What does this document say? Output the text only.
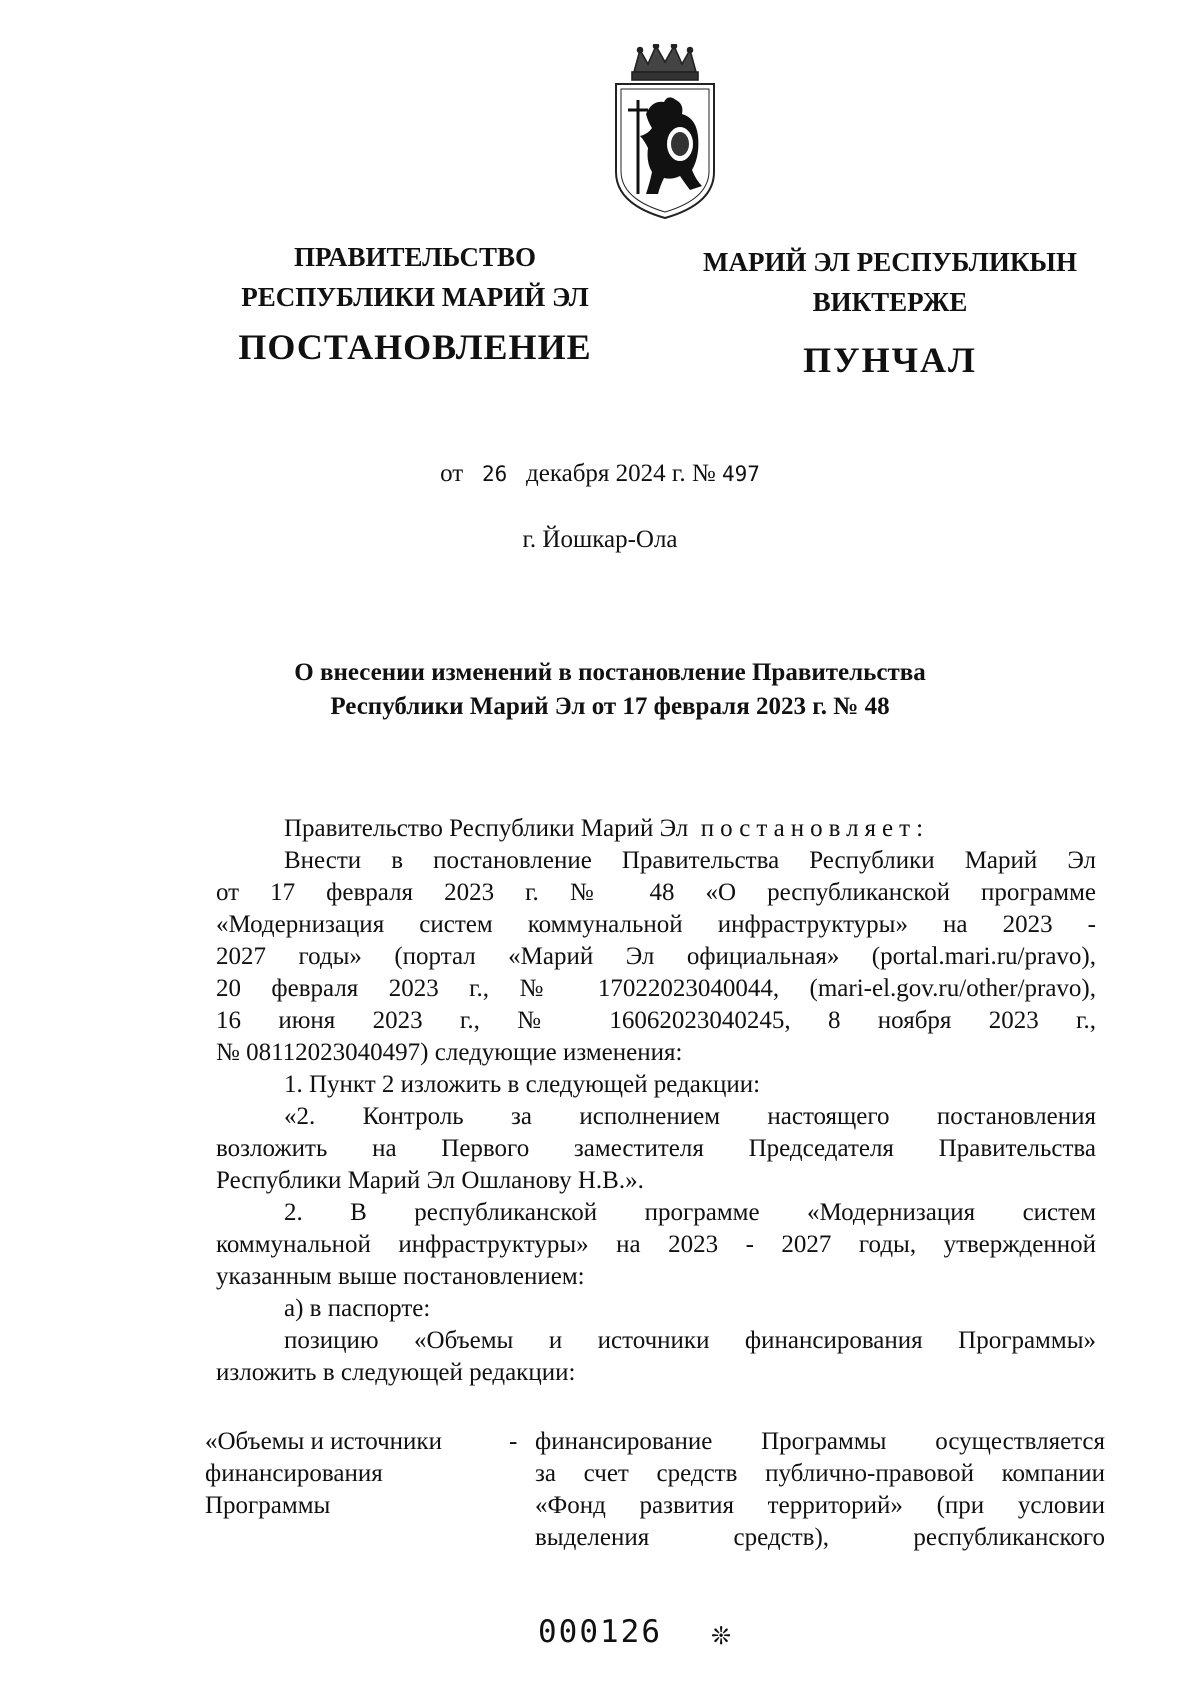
ПРАВИТЕЛЬСТВО
РЕСПУБЛИКИ МАРИЙ ЭЛ
ПОСТАНОВЛЕНИЕ
МАРИЙ ЭЛ РЕСПУБЛИКЫН
ВИКТЕРЖЕ
ПУНЧАЛ
от 26 декабря 2024 г. № 497
г. Йошкар-Ола
О внесении изменений в постановление Правительства
Республики Марий Эл от 17 февраля 2023 г. № 48

Правительство Республики Марий Эл постановляет:

Внести в постановление Правительства Республики Марий Эл

от 17 февраля 2023 г. № 48 «О республиканской программе

«Модернизация систем коммунальной инфраструктуры» на 2023 -

2027 годы» (портал «Марий Эл официальная» (portal.mari.ru/pravo),

20 февраля 2023 г., № 17022023040044, (mari-el.gov.ru/other/pravo),

16 июня 2023 г., № 16062023040245, 8 ноября 2023 г.,

№ 08112023040497) следующие изменения:

1. Пункт 2 изложить в следующей редакции:

«2. Контроль за исполнением настоящего постановления

возложить на Первого заместителя Председателя Правительства

Республики Марий Эл Ошланову Н.В.».

2. В республиканской программе «Модернизация систем

коммунальной инфраструктуры» на 2023 - 2027 годы, утвержденной

указанным выше постановлением:

а) в паспорте:

позицию «Объемы и источники финансирования Программы»

изложить в следующей редакции:

«Объемы и источники
финансирования
Программы
- финансирование Программы осуществляется
за счет средств публично-правовой компании
«Фонд развития территорий» (при условии
выделения средств), республиканского
000126	❊
